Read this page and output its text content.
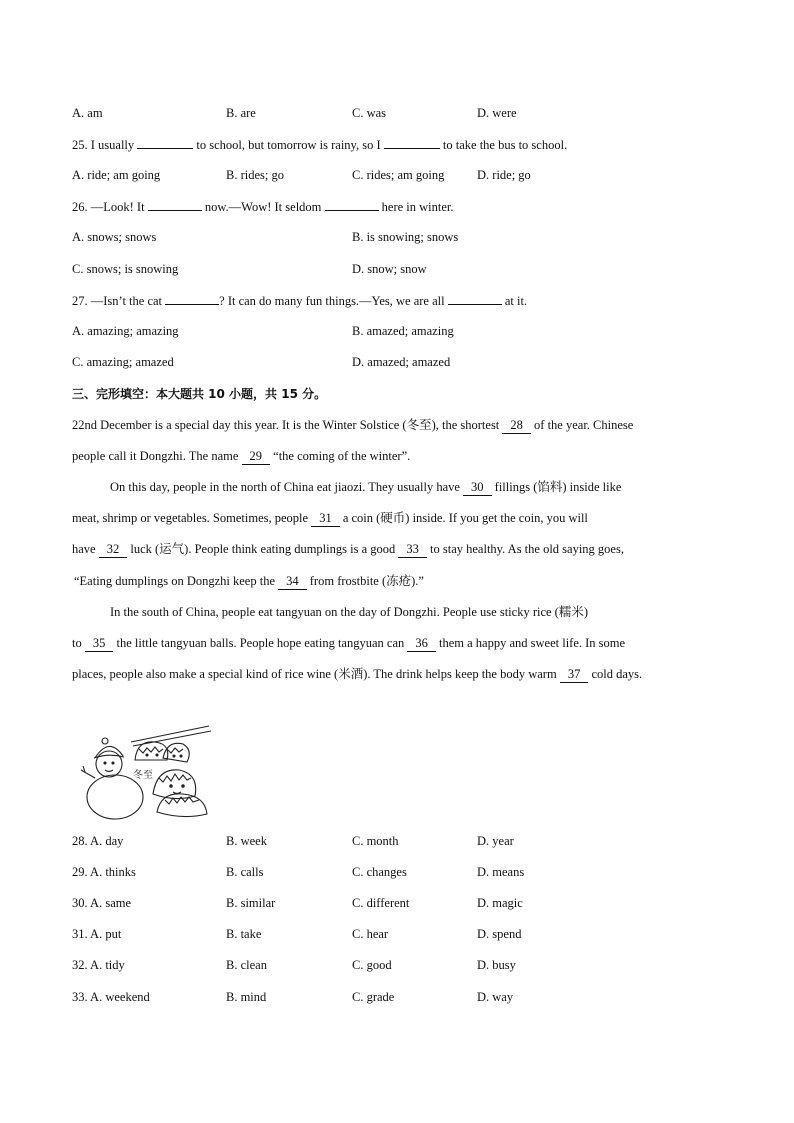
A. am	B. are	C. was	D. were
25. I usually	to school, but tomorrow is rainy, so I	to take the bus to school.
A. ride; am going	B. rides; go	C. rides; am going	D. ride; go
26. —Look! It	now.—Wow! It seldom	here in winter.
A. snows; snows	B. is snowing; snows
C. snows; is snowing	D. snow; snow
27. —Isn’t the cat	? It can do many fun things.—Yes, we are all	at it.
A. amazing; amazing	B. amazed; amazing
C. amazing; amazed	D. amazed; amazed
三、完形填空：本大题共 10 小题，共 15 分。
22nd December is a special day this year. It is the Winter Solstice (冬至), the shortest 28 of the year. Chinese
people call it Dongzhi. The name 29 “the coming of the winter”.
On this day, people in the north of China eat jiaozi. They usually have 30 fillings (馅料) inside like
meat, shrimp or vegetables. Sometimes, people 31 a coin (硬币) inside. If you get the coin, you will
have 32 luck (运气). People think eating dumplings is a good 33 to stay healthy. As the old saying goes,
“Eating dumplings on Dongzhi keep the 34 from frostbite (冻疮).”
In the south of China, people eat tangyuan on the day of Dongzhi. People use sticky rice (糯米)
to 35 the little tangyuan balls. People hope eating tangyuan can 36 them a happy and sweet life. In some
places, people also make a special kind of rice wine (米酒). The drink helps keep the body warm 37 cold days.
冬至
28. A. day	B. week	C. month	D. year
29. A. thinks	B. calls	C. changes	D. means
30. A. same	B. similar	C. different	D. magic
31. A. put	B. take	C. hear	D. spend
32. A. tidy	B. clean	C. good	D. busy
33. A. weekend	B. mind	C. grade	D. way
